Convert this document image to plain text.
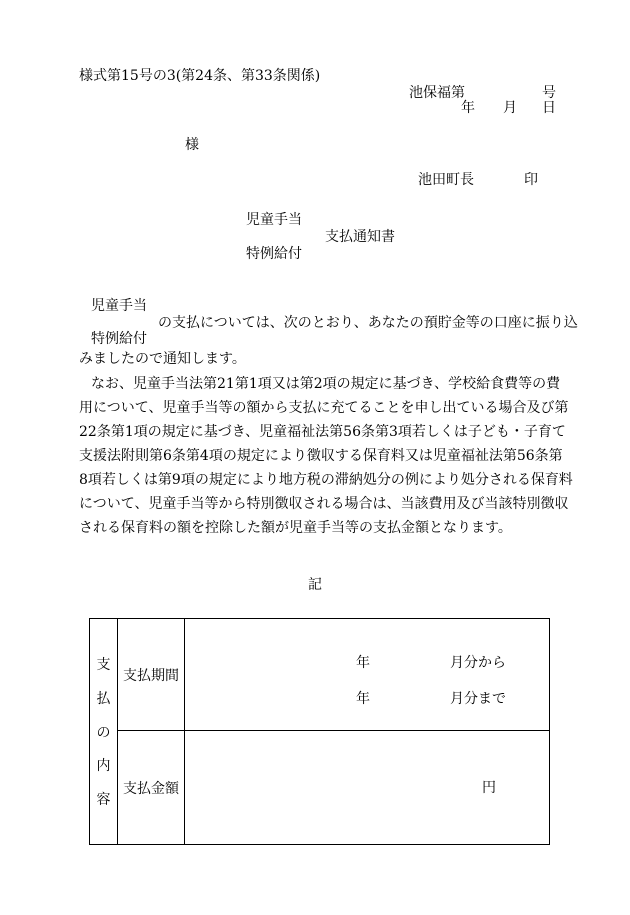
様式第15号の3(第24条、第33条関係)
池保福第	号
年 月 日
様
池田町長	印
児童手当
支払通知書
特例給付
児童手当
の支払については、次のとおり、あなたの預貯金等の口座に振り込
特例給付
みましたので通知します。
なお、児童手当法第21第1項又は第2項の規定に基づき、学校給食費等の費
用について、児童手当等の額から支払に充てることを申し出ている場合及び第
22条第1項の規定に基づき、児童福祉法第56条第3項若しくは子ども・子育て
支援法附則第6条第4項の規定により徴収する保育料又は児童福祉法第56条第
8項若しくは第9項の規定により地方税の滞納処分の例により処分される保育料
について、児童手当等から特別徴収される場合は、当該費用及び当該特別徴収
される保育料の額を控除した額が児童手当等の支払金額となります。
記
支
払
の
内
容	支払期間	年 月分から
年 月分まで

	支払金額	円
